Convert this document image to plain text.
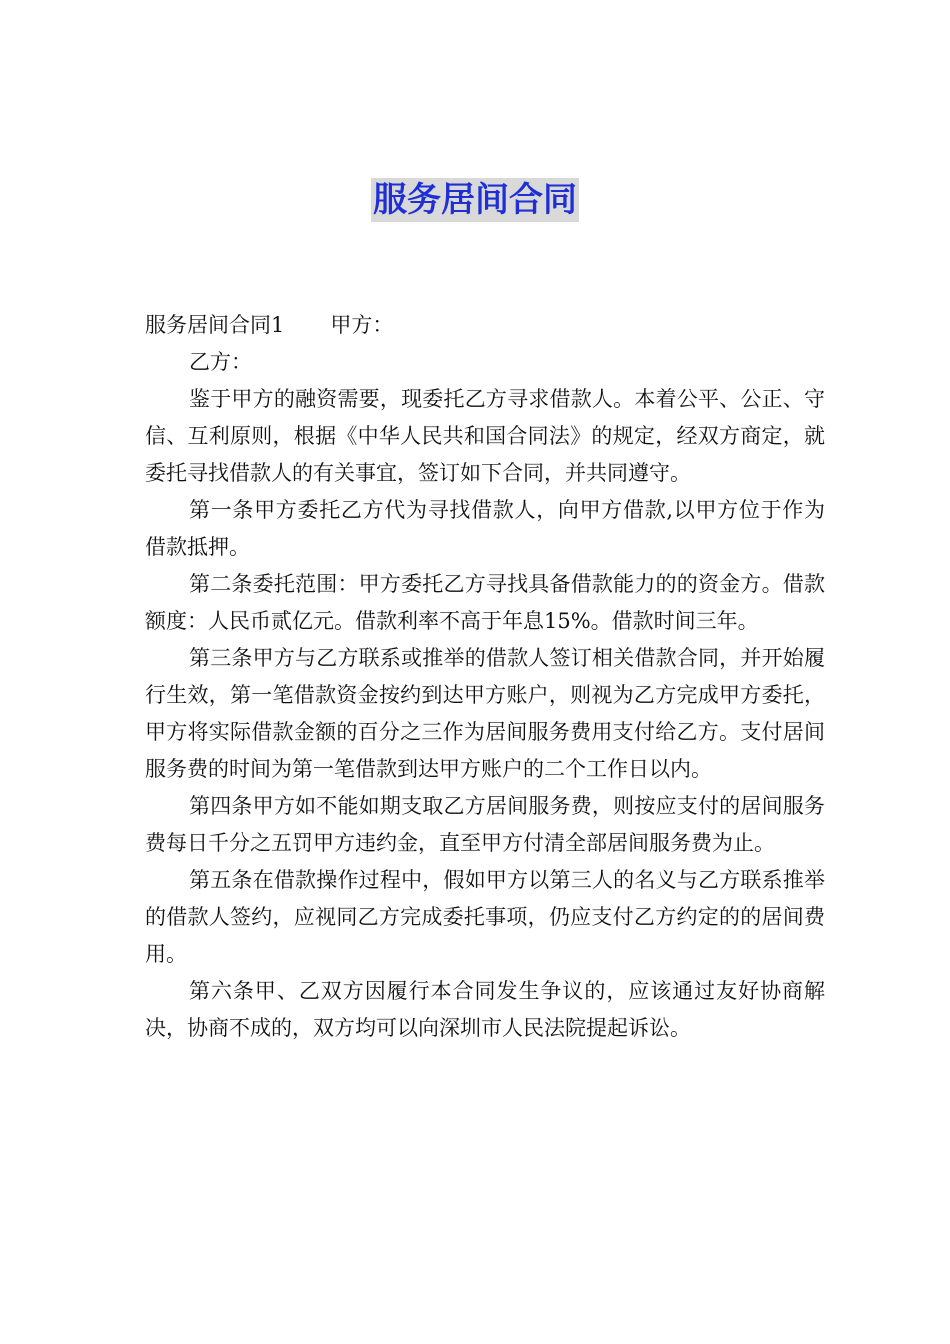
服务居间合同

服务居间合同1 甲方：

乙方：

鉴于甲方的融资需要，现委托乙方寻求借款人。本着公平、公正、守信、互利原则，根据《中华人民共和国合同法》的规定，经双方商定，就委托寻找借款人的有关事宜，签订如下合同，并共同遵守。

第一条甲方委托乙方代为寻找借款人，向甲方借款,以甲方位于作为借款抵押。

第二条委托范围：甲方委托乙方寻找具备借款能力的的资金方。借款额度：人民币贰亿元。借款利率不高于年息15%。借款时间三年。

第三条甲方与乙方联系或推举的借款人签订相关借款合同，并开始履行生效，第一笔借款资金按约到达甲方账户，则视为乙方完成甲方委托，甲方将实际借款金额的百分之三作为居间服务费用支付给乙方。支付居间服务费的时间为第一笔借款到达甲方账户的二个工作日以内。

第四条甲方如不能如期支取乙方居间服务费，则按应支付的居间服务费每日千分之五罚甲方违约金，直至甲方付清全部居间服务费为止。

第五条在借款操作过程中，假如甲方以第三人的名义与乙方联系推举的借款人签约，应视同乙方完成委托事项，仍应支付乙方约定的的居间费用。

第六条甲、乙双方因履行本合同发生争议的，应该通过友好协商解决，协商不成的，双方均可以向深圳市人民法院提起诉讼。
